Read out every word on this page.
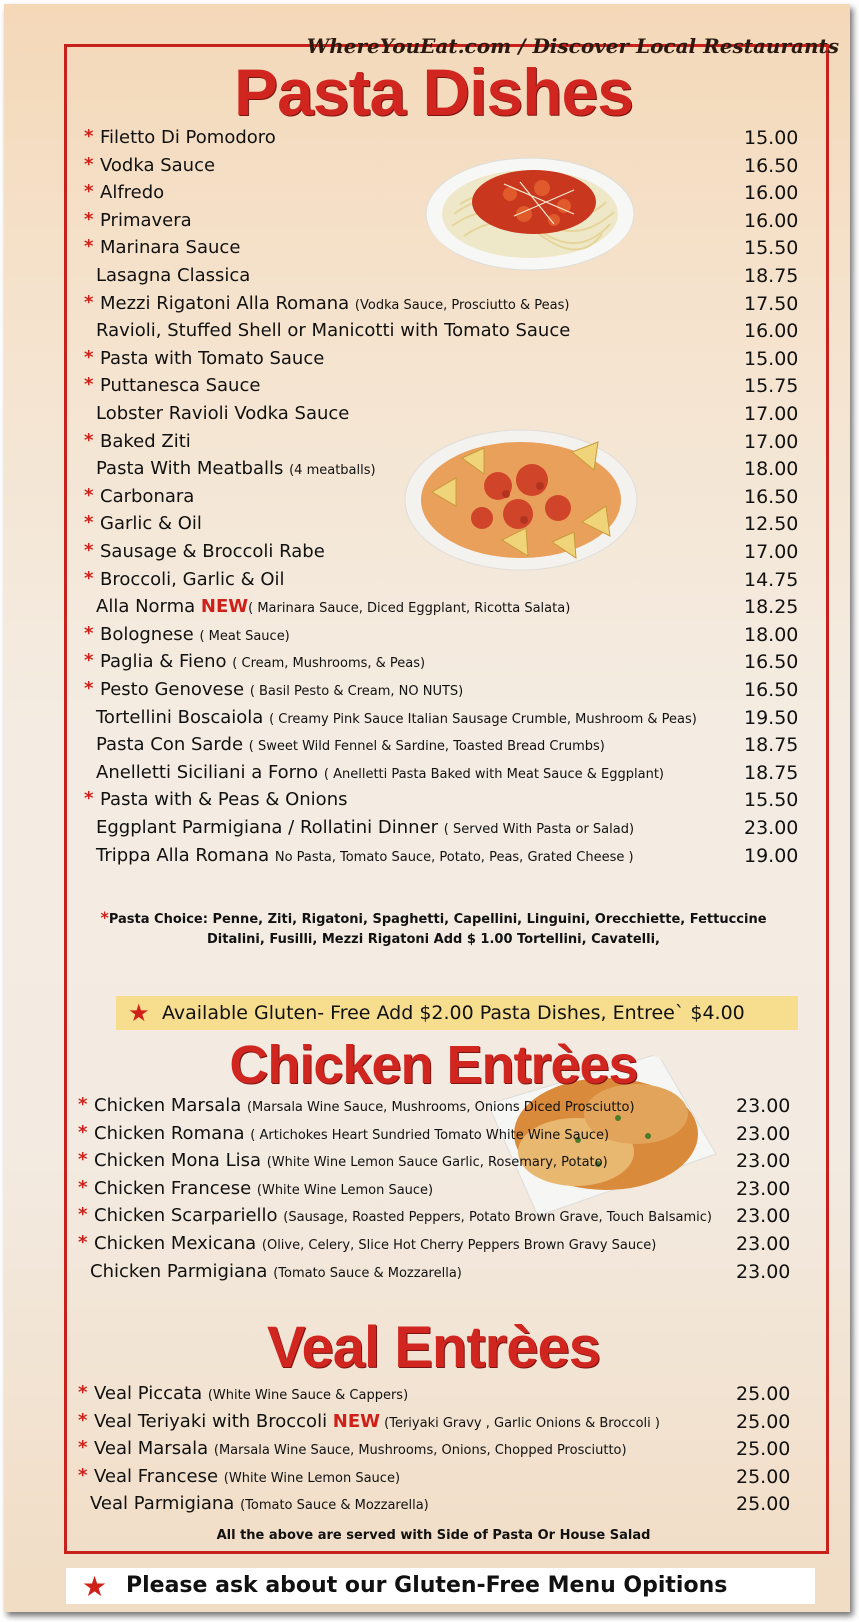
WhereYouEat.com / Discover Local Restaurants
Pasta Dishes
* Filetto Di Pomodoro	15.00
* Vodka Sauce	16.50
* Alfredo	16.00
* Primavera	16.00
* Marinara Sauce	15.50
Lasagna Classica	18.75
* Mezzi Rigatoni Alla Romana (Vodka Sauce, Prosciutto & Peas)	17.50
Ravioli, Stuffed Shell or Manicotti with Tomato Sauce	16.00
* Pasta with Tomato Sauce	15.00
* Puttanesca Sauce	15.75
Lobster Ravioli Vodka Sauce	17.00
* Baked Ziti	17.00
Pasta With Meatballs (4 meatballs)	18.00
* Carbonara	16.50
* Garlic & Oil	12.50
* Sausage & Broccoli Rabe	17.00
* Broccoli, Garlic & Oil	14.75
Alla Norma NEW( Marinara Sauce, Diced Eggplant, Ricotta Salata)	18.25
* Bolognese ( Meat Sauce)	18.00
* Paglia & Fieno ( Cream, Mushrooms, & Peas)	16.50
* Pesto Genovese ( Basil Pesto & Cream, NO NUTS)	16.50
Tortellini Boscaiola ( Creamy Pink Sauce Italian Sausage Crumble, Mushroom & Peas) 19.50
Pasta Con Sarde ( Sweet Wild Fennel & Sardine, Toasted Bread Crumbs)	18.75
Anelletti Siciliani a Forno ( Anelletti Pasta Baked with Meat Sauce & Eggplant)	18.75
* Pasta with & Peas & Onions	15.50
Eggplant Parmigiana / Rollatini Dinner ( Served With Pasta or Salad)	23.00
Trippa Alla Romana No Pasta, Tomato Sauce, Potato, Peas, Grated Cheese )	19.00
*Pasta Choice: Penne, Ziti, Rigatoni, Spaghetti, Capellini, Linguini, Orecchiette, Fettuccine
Ditalini, Fusilli, Mezzi Rigatoni Add $ 1.00 Tortellini, Cavatelli,
★ Available Gluten- Free Add $2.00 Pasta Dishes, Entree` $4.00
Chicken Entrèes
* Chicken Marsala (Marsala Wine Sauce, Mushrooms, Onions Diced Prosciutto)	23.00
* Chicken Romana ( Artichokes Heart Sundried Tomato White Wine Sauce)	23.00
* Chicken Mona Lisa (White Wine Lemon Sauce Garlic, Rosemary, Potato)	23.00
* Chicken Francese (White Wine Lemon Sauce)	23.00
* Chicken Scarpariello (Sausage, Roasted Peppers, Potato Brown Grave, Touch Balsamic) 23.00
* Chicken Mexicana (Olive, Celery, Slice Hot Cherry Peppers Brown Gravy Sauce)	23.00
Chicken Parmigiana (Tomato Sauce & Mozzarella)	23.00
Veal Entrèes
* Veal Piccata (White Wine Sauce & Cappers)	25.00
* Veal Teriyaki with Broccoli NEW (Teriyaki Gravy , Garlic Onions & Broccoli )	25.00
* Veal Marsala (Marsala Wine Sauce, Mushrooms, Onions, Chopped Prosciutto)	25.00
* Veal Francese (White Wine Lemon Sauce)	25.00
Veal Parmigiana (Tomato Sauce & Mozzarella)	25.00
All the above are served with Side of Pasta Or House Salad
★ Please ask about our Gluten-Free Menu Opitions
